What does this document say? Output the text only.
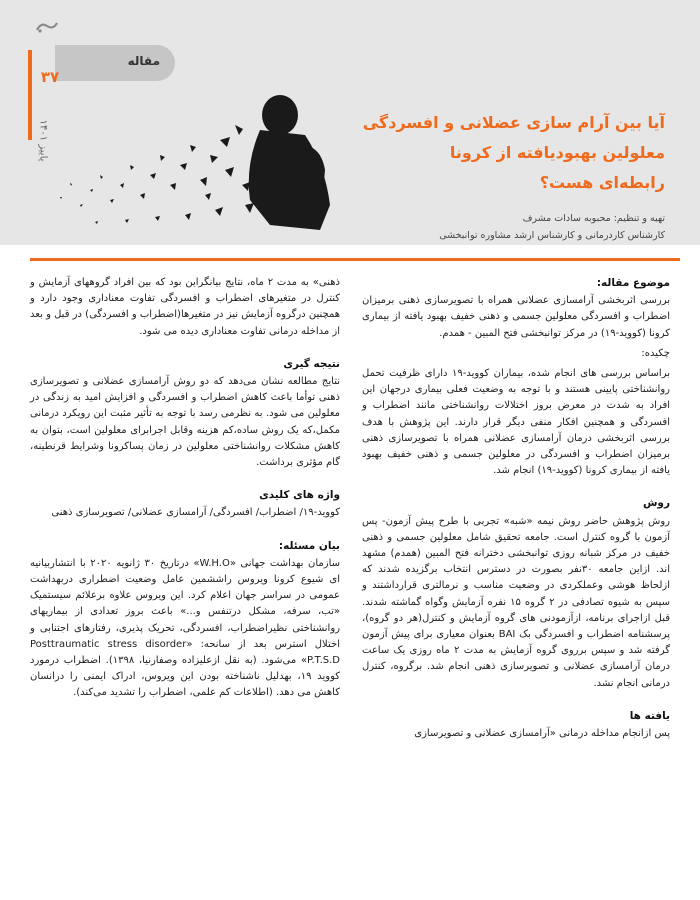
مقاله
۳۷
پاییز ۱۴۰۱
آیا بین آرام سازی عضلانی و افسردگی
معلولین بهبودیافته از کرونا
رابطه‌ای هست؟
تهیه و تنظیم: محبوبه سادات مشرف
کارشناس کاردرمانی و کارشناس ارشد مشاوره توانبخشی
موضوع مقاله:

بررسی اثربخشی آرامسازی عضلانی همراه با تصویرسازی ذهنی برمیزان اضطراب و افسردگی معلولین جسمی و ذهنی خفیف بهبود یافته از بیماری کرونا (کووید-۱۹) در مرکز توانبخشی فتح المبین - همدم.

چکیده:

براساس بررسی های انجام شده، بیماران کووید-۱۹ دارای ظرفیت تحمل روانشناختی پایینی هستند و با توجه به وضعیت فعلی بیماری درجهان این افراد به شدت در معرض بروز اختلالات روانشناختی مانند اضطراب و افسردگی و همچنین افکار منفی دیگر قرار دارند. این پژوهش با هدف بررسی اثربخشی درمان آرامسازی عضلانی همراه با تصویرسازی ذهنی برمیزان اضطراب و افسردگی در معلولین جسمی و ذهنی خفیف بهبود یافته از بیماری کرونا (کووید-۱۹) انجام شد.

روش

روش پژوهش حاضر روش نیمه «شبه» تجربی با طرح پیش آزمون- پس آزمون با گروه کنترل است. جامعه تحقیق شامل معلولین جسمی و ذهنی خفیف در مرکز شبانه روزی توانبخشی دخترانه فتح المبین (همدم) مشهد اند. ازاین جامعه ۳۰نفر بصورت در دسترس انتخاب برگزیده شدند که ازلحاظ هوشی وعملکردی در وضعیت مناسب و نرمالتری قرارداشتند و سپس به شیوه تصادفی در ۲ گروه ۱۵ نفره آزمایش وگواه گماشته شدند. قبل ازاجرای برنامه، ازآزمودنی های گروه آزمایش و کنترل(هر دو گروه)، پرسشنامه اضطراب و افسردگی بک BAI بعنوان معیاری برای پیش آزمون گرفته شد و سپس برروی گروه آزمایش به مدت ۲ ماه روزی یک ساعت درمان آرامسازی عضلانی و تصویرسازی ذهنی انجام شد. برگروه، کنترل درمانی انجام نشد.

یافته ها

پس ازانجام مداخله درمانی «آرامسازی عضلانی و تصویرسازی

ذهنی» به مدت ۲ ماه، نتایج بیانگراین بود که بین افراد گروههای آزمایش و کنترل در متغیرهای اضطراب و افسردگی تفاوت معناداری وجود دارد و همچنین درگروه آزمایش نیز در متغیرها(اضطراب و افسردگی) در قبل و بعد از مداخله درمانی تفاوت معناداری دیده می شود.

نتیجه گیری

نتایج مطالعه نشان می‌دهد که دو روش آرامسازی عضلانی و تصویرسازی ذهنی توأما باعث کاهش اضطراب و افسردگی و افزایش امید به زندگی در معلولین می شود. به نظرمی رسد با توجه به تأثیر مثبت این رویکرد درمانی مکمل،که یک روش ساده،کم هزینه وقابل اجرابرای معلولین است، بتوان به کاهش مشکلات روانشناختی معلولین در زمان پساکرونا وشرایط قرنطینه، گام مؤثری برداشت.

واژه های کلیدی

کووید-۱۹/ اضطراب/ افسردگی/ آرامسازی عضلانی/ تصویرسازی ذهنی

بیان مسئله:

سازمان بهداشت جهانی «W.H.O» درتاریخ ۳۰ ژانویه ۲۰۲۰ با انتشاربیانیه ای شیوع کرونا ویروس راششمین عامل وضعیت اضطراری دربهداشت عمومی در سراسر جهان اعلام کرد. این ویروس علاوه برعلائم سیستمیک «تب، سرفه، مشکل درتنفس و...» باعث بروز تعدادی از بیماریهای روانشناختی نظیراضطراب، افسردگی، تحریک پذیری، رفتارهای اجتنابی و اختلال استرس بعد از سانحه: «Posttraumatic stress disorder P.T.S.D» می‌شود. (به نقل ازعلیزاده وصفارنیا، ۱۳۹۸). اضطراب درمورد کووید ۱۹، بهدلیل ناشناخته بودن این ویروس، ادراک ایمنی را درانسان کاهش می دهد. (اطلاعات کم علمی، اضطراب را تشدید می‌کند).
